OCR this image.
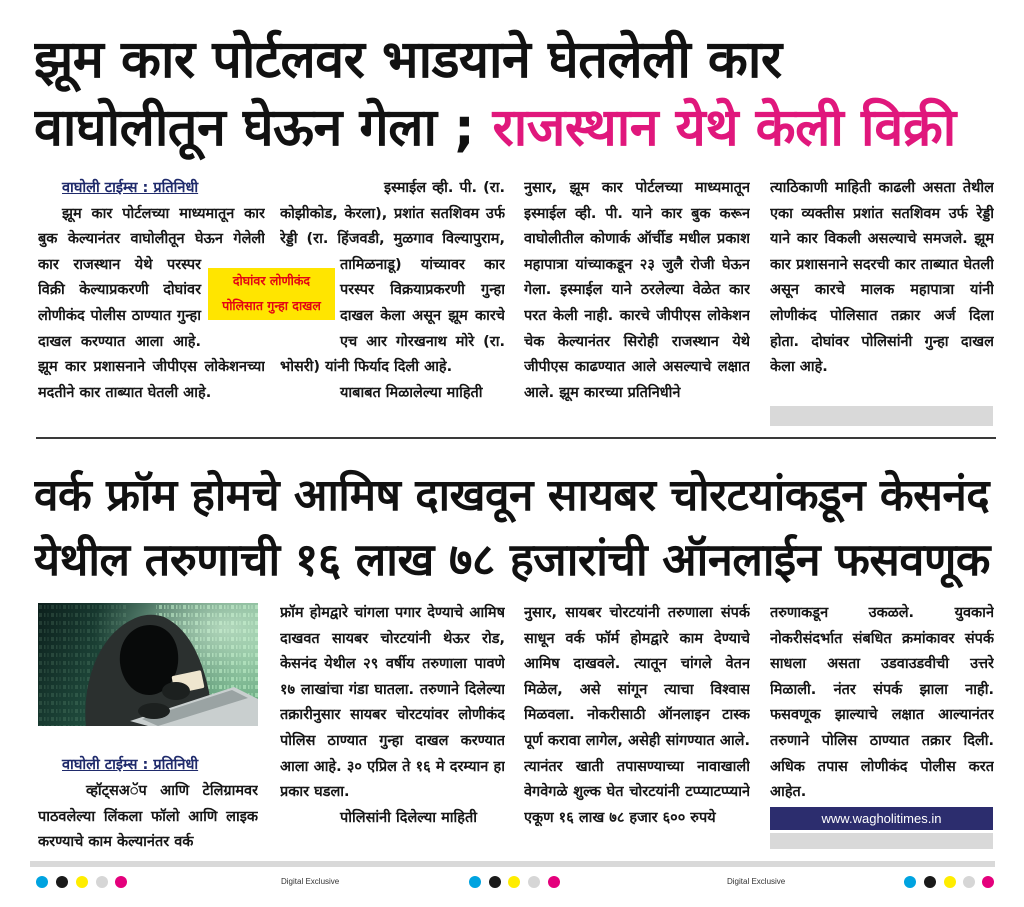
झूम कार पोर्टलवर भाडयाने घेतलेली कार
वाघोलीतून घेऊन गेला ; राजस्थान येथे केली विक्री
वाघोली टाईम्स : प्रतिनिधी

झूम कार पोर्टलच्या माध्यमातून कार बुक केल्यानंतर वाघोलीतून घेऊन गेलेली कार राजस्थान येथे परस्पर विक्री केल्याप्रकरणी दोघांवर लोणीकंद पोलीस ठाण्यात गुन्हा दाखल करण्यात आला आहे. झूम कार प्रशासनाने जीपीएस लोकेशनच्या मदतीने कार ताब्यात घेतली आहे.

इस्माईल व्ही. पी. (रा. कोझीकोड, केरला), प्रशांत सतशिवम उर्फ रेड्डी (रा. हिंजवडी, मुळगाव विल्यापुराम, तामिळनाडू) यांच्यावर कार परस्पर विक्रयाप्रकरणी गुन्हा दाखल केला असून झूम कारचे एच आर गोरखनाथ मोरे (रा. भोसरी) यांनी फिर्याद दिली आहे.

याबाबत मिळालेल्या माहिती

नुसार, झूम कार पोर्टलच्या माध्यमातून इस्माईल व्ही. पी. याने कार बुक करून वाघोलीतील कोणार्क ऑर्चीड मधील प्रकाश महापात्रा यांच्याकडून २३ जुलै रोजी घेऊन गेला. इस्माईल याने ठरलेल्या वेळेत कार परत केली नाही. कारचे जीपीएस लोकेशन चेक केल्यानंतर सिरोही राजस्थान येथे जीपीएस काढण्यात आले असल्याचे लक्षात आले. झूम कारच्या प्रतिनिधीने

त्याठिकाणी माहिती काढली असता तेथील एका व्यक्तीस प्रशांत सतशिवम उर्फ रेड्डी याने कार विकली असल्याचे समजले. झूम कार प्रशासनाने सदरची कार ताब्यात घेतली असून कारचे मालक महापात्रा यांनी लोणीकंद पोलिसात तक्रार अर्ज दिला होता. दोघांवर पोलिसांनी गुन्हा दाखल केला आहे.

दोघांवर लोणीकंद
पोलिसात गुन्हा दाखल
वर्क फ्रॉम होमचे आमिष दाखवून सायबर चोरटयांकडून केसनंद
येथील तरुणाची १६ लाख ७८ हजारांची ऑनलाईन फसवणूक
वाघोली टाईम्स : प्रतिनिधी

व्हॉट्सअॅप आणि टेलिग्रामवर पाठवलेल्या लिंकला फॉलो आणि लाइक करण्याचे काम केल्यानंतर वर्क

फ्रॉम होमद्वारे चांगला पगार देण्याचे आमिष दाखवत सायबर चोरटयांनी थेऊर रोड, केसनंद येथील २९ वर्षीय तरुणाला पावणे १७ लाखांचा गंडा घातला. तरुणाने दिलेल्या तक्रारीनुसार सायबर चोरटयांवर लोणीकंद पोलिस ठाण्यात गुन्हा दाखल करण्यात आला आहे. ३० एप्रिल ते १६ मे दरम्यान हा प्रकार घडला.

पोलिसांनी दिलेल्या माहिती

नुसार, सायबर चोरटयांनी तरुणाला संपर्क साधून वर्क फॉर्म होमद्वारे काम देण्याचे आमिष दाखवले. त्यातून चांगले वेतन मिळेल, असे सांगून त्याचा विश्वास मिळवला. नोकरीसाठी ऑनलाइन टास्क पूर्ण करावा लागेल, असेही सांगण्यात आले. त्यानंतर खाती तपासण्याच्या नावाखाली वेगवेगळे शुल्क घेत चोरटयांनी टप्प्याटप्प्याने एकूण १६ लाख ७८ हजार ६०० रुपये

तरुणाकडून उकळले. युवकाने नोकरीसंदर्भात संबधित क्रमांकावर संपर्क साधला असता उडवाउडवीची उत्तरे मिळाली. नंतर संपर्क झाला नाही. फसवणूक झाल्याचे लक्षात आल्यानंतर तरुणाने पोलिस ठाण्यात तक्रार दिली. अधिक तपास लोणीकंद पोलीस करत आहेत.

www.wagholitimes.in
Digital Exclusive	Digital Exclusive
